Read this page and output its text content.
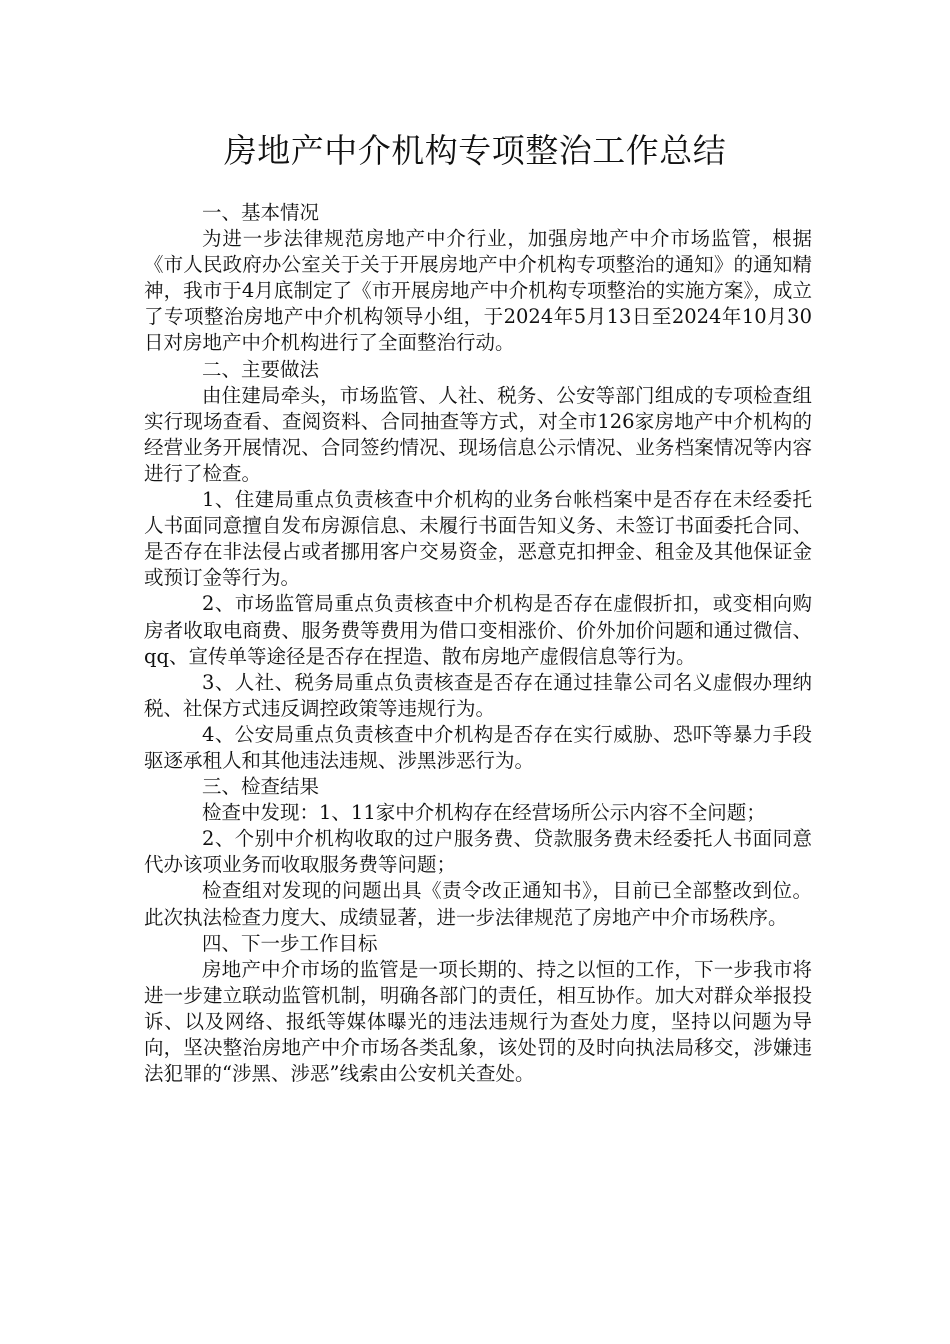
房地产中介机构专项整治工作总结

一、基本情况

为进一步法律规范房地产中介行业，加强房地产中介市场监管，根据《市人民政府办公室关于关于开展房地产中介机构专项整治的通知》的通知精神，我市于4月底制定了《市开展房地产中介机构专项整治的实施方案》，成立了专项整治房地产中介机构领导小组，于2024年5月13日至2024年10月30日对房地产中介机构进行了全面整治行动。

二、主要做法

由住建局牵头，市场监管、人社、税务、公安等部门组成的专项检查组实行现场查看、查阅资料、合同抽查等方式，对全市126家房地产中介机构的经营业务开展情况、合同签约情况、现场信息公示情况、业务档案情况等内容进行了检查。

1、住建局重点负责核查中介机构的业务台帐档案中是否存在未经委托人书面同意擅自发布房源信息、未履行书面告知义务、未签订书面委托合同、是否存在非法侵占或者挪用客户交易资金，恶意克扣押金、租金及其他保证金或预订金等行为。

2、市场监管局重点负责核查中介机构是否存在虚假折扣，或变相向购房者收取电商费、服务费等费用为借口变相涨价、价外加价问题和通过微信、qq、宣传单等途径是否存在捏造、散布房地产虚假信息等行为。

3、人社、税务局重点负责核查是否存在通过挂靠公司名义虚假办理纳税、社保方式违反调控政策等违规行为。

4、公安局重点负责核查中介机构是否存在实行威胁、恐吓等暴力手段驱逐承租人和其他违法违规、涉黑涉恶行为。

三、检查结果

检查中发现：1、11家中介机构存在经营场所公示内容不全问题；

2、个别中介机构收取的过户服务费、贷款服务费未经委托人书面同意代办该项业务而收取服务费等问题；

检查组对发现的问题出具《责令改正通知书》，目前已全部整改到位。此次执法检查力度大、成绩显著，进一步法律规范了房地产中介市场秩序。

四、下一步工作目标

房地产中介市场的监管是一项长期的、持之以恒的工作，下一步我市将进一步建立联动监管机制，明确各部门的责任，相互协作。加大对群众举报投诉、以及网络、报纸等媒体曝光的违法违规行为查处力度，坚持以问题为导向，坚决整治房地产中介市场各类乱象，该处罚的及时向执法局移交，涉嫌违法犯罪的“涉黑、涉恶”线索由公安机关查处。
